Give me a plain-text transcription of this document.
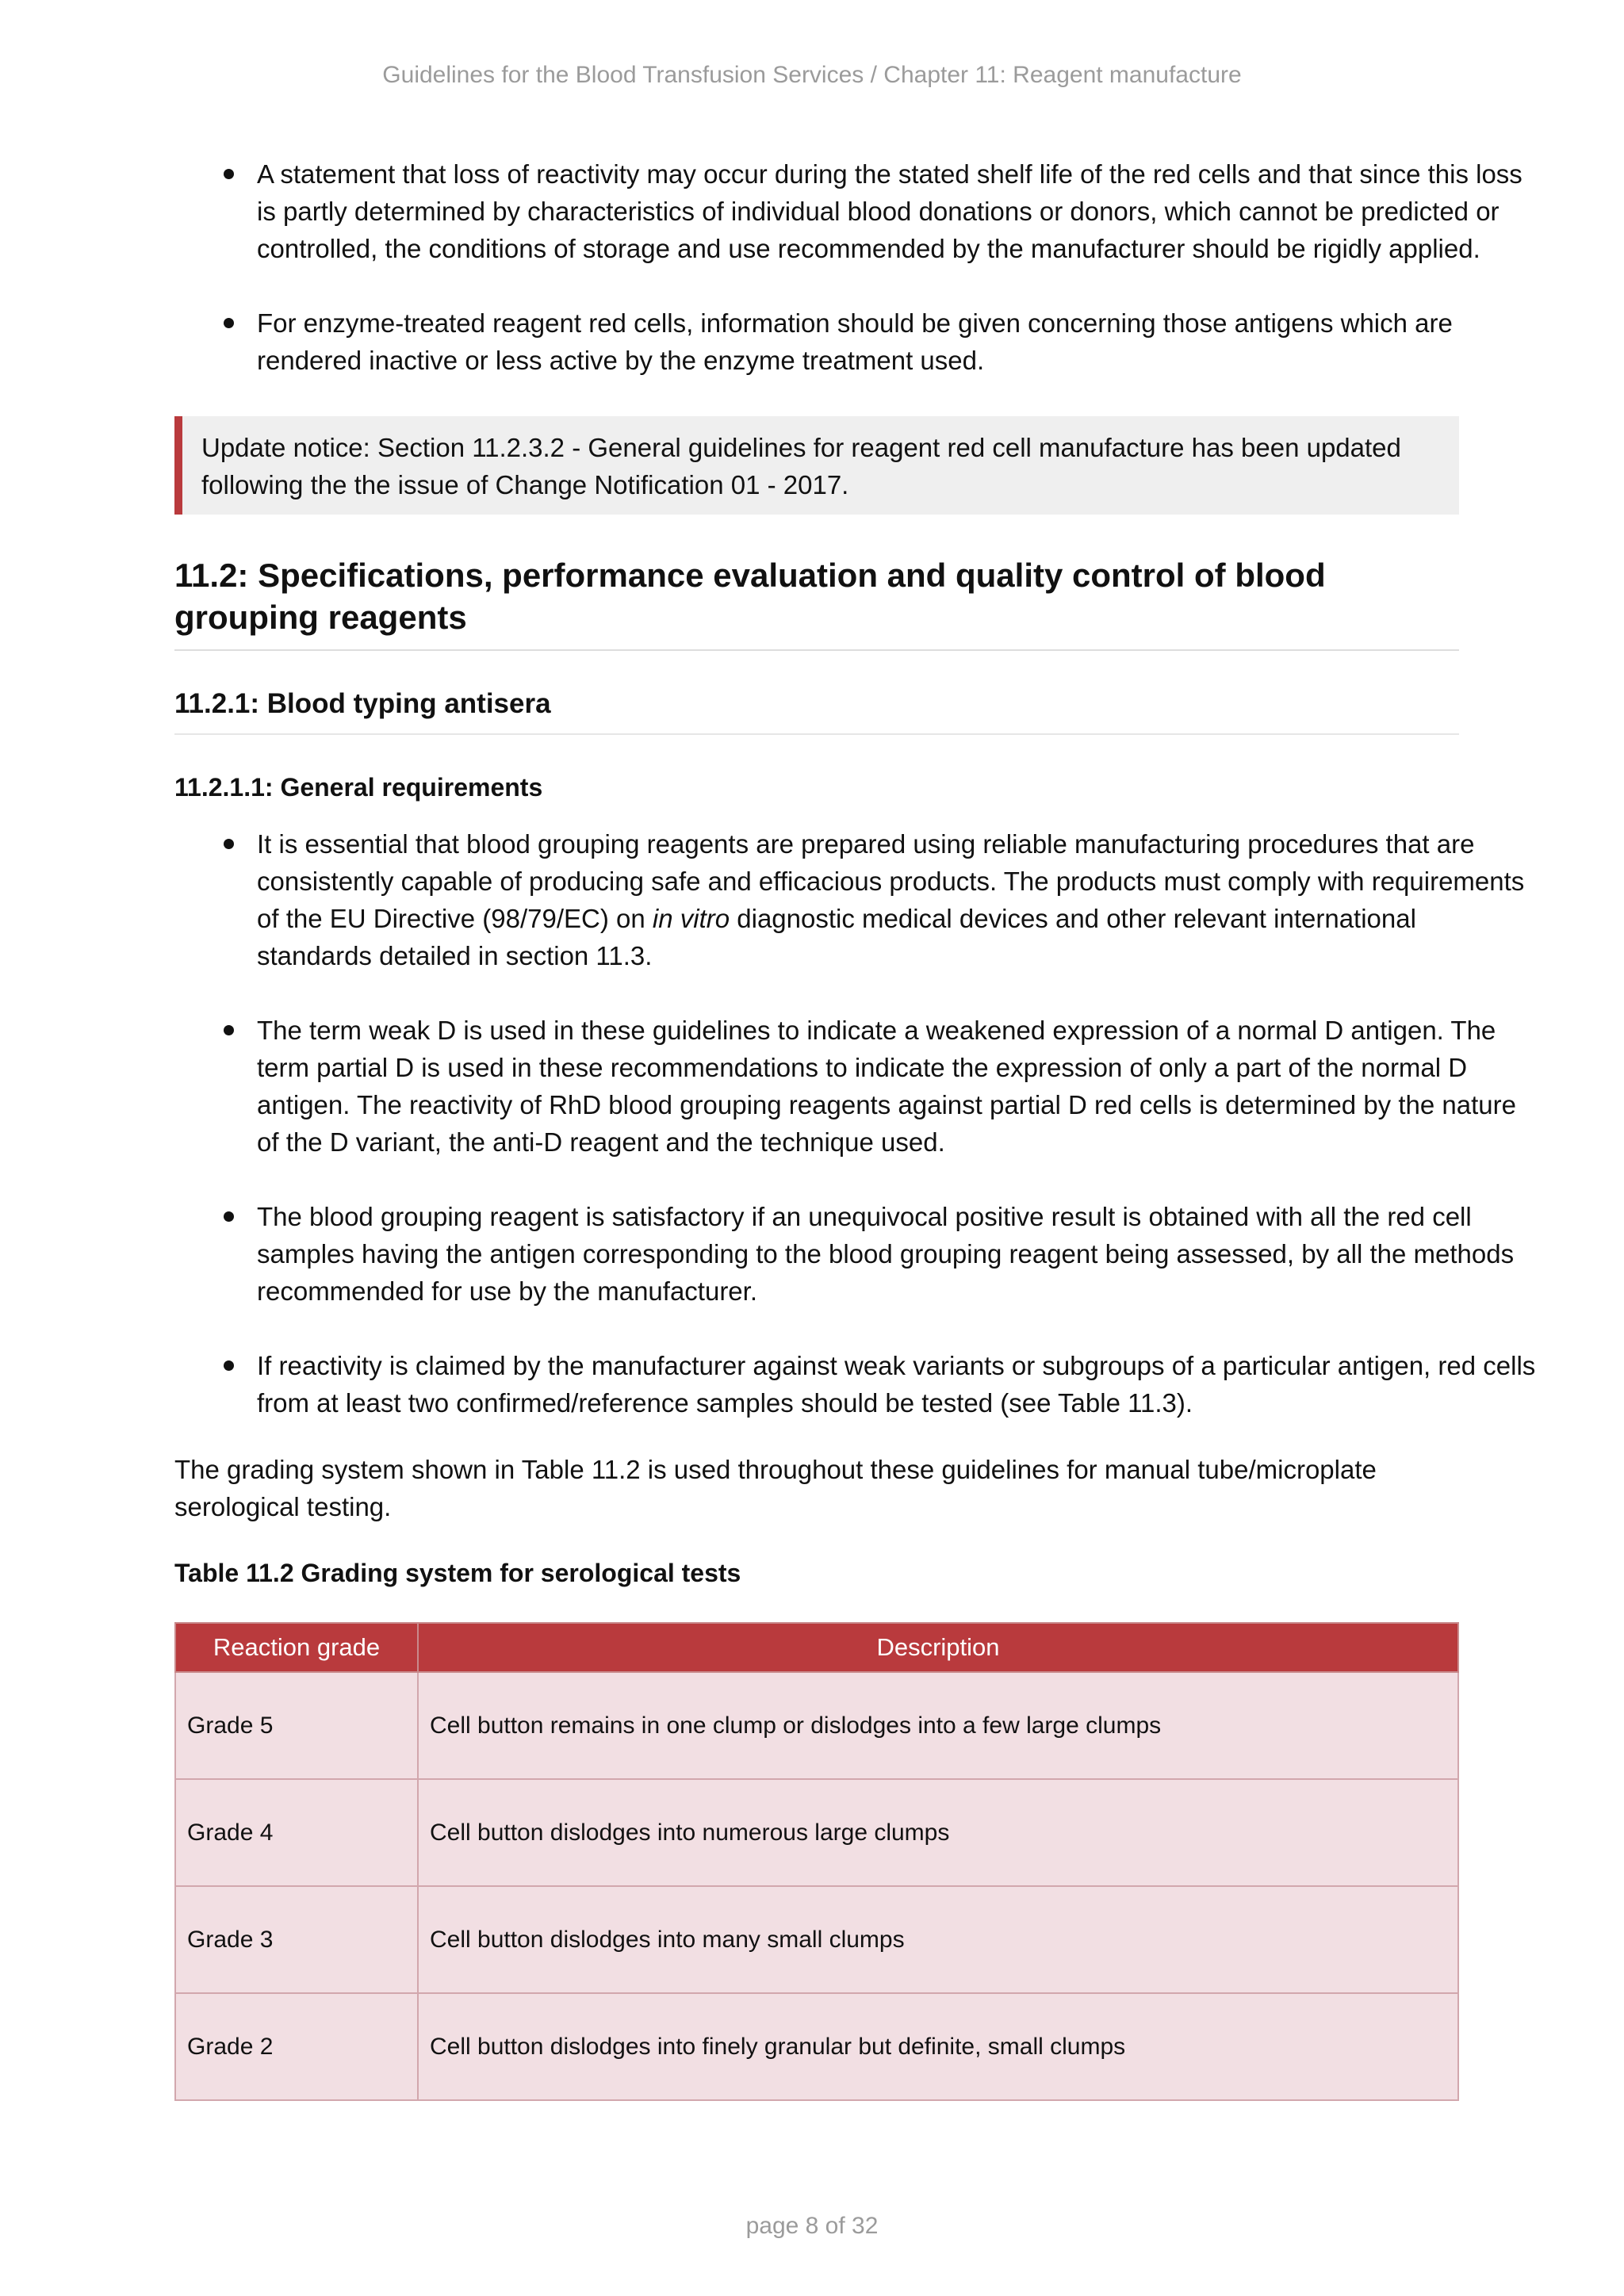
Guidelines for the Blood Transfusion Services / Chapter 11: Reagent manufacture
A statement that loss of reactivity may occur during the stated shelf life of the red cells and that since this loss is partly determined by characteristics of individual blood donations or donors, which cannot be predicted or controlled, the conditions of storage and use recommended by the manufacturer should be rigidly applied.
For enzyme-treated reagent red cells, information should be given concerning those antigens which are rendered inactive or less active by the enzyme treatment used.
Update notice: Section 11.2.3.2 - General guidelines for reagent red cell manufacture has been updated following the the issue of Change Notification 01 - 2017.
11.2: Specifications, performance evaluation and quality control of blood grouping reagents
11.2.1: Blood typing antisera
11.2.1.1: General requirements
It is essential that blood grouping reagents are prepared using reliable manufacturing procedures that are consistently capable of producing safe and efficacious products. The products must comply with requirements of the EU Directive (98/79/EC) on in vitro diagnostic medical devices and other relevant international standards detailed in section 11.3.
The term weak D is used in these guidelines to indicate a weakened expression of a normal D antigen. The term partial D is used in these recommendations to indicate the expression of only a part of the normal D antigen. The reactivity of RhD blood grouping reagents against partial D red cells is determined by the nature of the D variant, the anti-D reagent and the technique used.
The blood grouping reagent is satisfactory if an unequivocal positive result is obtained with all the red cell samples having the antigen corresponding to the blood grouping reagent being assessed, by all the methods recommended for use by the manufacturer.
If reactivity is claimed by the manufacturer against weak variants or subgroups of a particular antigen, red cells from at least two confirmed/reference samples should be tested (see Table 11.3).

The grading system shown in Table 11.2 is used throughout these guidelines for manual tube/microplate serological testing.

Table 11.2 Grading system for serological tests
Reaction grade	Description
Grade 5	Cell button remains in one clump or dislodges into a few large clumps
Grade 4	Cell button dislodges into numerous large clumps
Grade 3	Cell button dislodges into many small clumps
Grade 2	Cell button dislodges into finely granular but definite, small clumps
page 8 of 32
